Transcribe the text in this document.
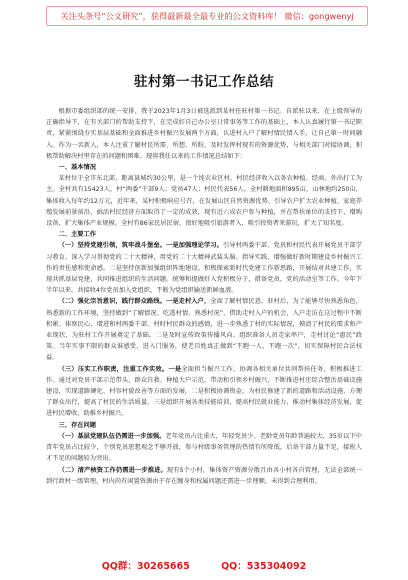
关注头条号“公文研究”，获得最新最全最专业的公文资料库！ 微信：gongwenyj
驻村第一书记工作总结

根据市委组织部的统一安排，我于2023年1月3日被选派到某村任驻村第一书记。自派驻以来，在上级领导的正确指导下，在有关部门的帮助支持下，在完成好自己办公室日常事务等工作的基础上，本人认真履行第一书记职责，紧紧围绕夯实基层基础和全面推进乡村振兴发展两个方面，认进村入户了解村情民情入手，让自己第一时间融入。作为一名新人，本人注重了解村民所需、所想、所盼，及时发挥村现有的资源优势，与相关部门对接协调，积极帮助解决村里存在的问题和困难。现将我任以来的工作情况总结如下：

一、基本情况

某村位于全市东北部，距离县城约30公里，是一个纯农业区村。村民经济收入以务农种植、经商、外出打工为主。全村共有15423人，村“两委”干部9人；党员47人；村民代表56人。全村耕地面积895亩，山林地约250亩，集体收入每年约12万元，近年来，某村积极响应号召，在发展山区自然资源优势、引导农户扩大农业种植、家庭养殖发展前景前沿，搞活村民经济方面取得了一定的成效，现有近六成农户参与种植，并在帮扶单位的支持下，增购设备，扩大集体产业规模。全村有86家民居民宿，很好地吸引旅游者入，吸引投资者来游玩，扩大了知名度。

二、主要工作

（一）坚持党建引领，筑牢战斗堡垒。一是加强理论学习。引导村两委干部、党员和村民代表开展党员干部学习教育。深入学习贯彻党的二十大精神，用党的二十大精神武装头脑、指导实践，增强做好新时期建设乡村振兴工作的责任感和使命感。二是坚持创新加强组织阵地建设。积极探索新时代党建工作新思路，开展结对共建工作，实现共抓基层党建，共同推进组织的生活问题。统筹和提做好入党积极分子，措备党员，党的活动室等工作。今年下半年以来，共接收4位党员加入党组织，不断为党组织输送新鲜血液。

（二）强化宗旨意识，践行群众路线。一是走村入户，全面了解村情民意。驻村后，为了能够尽快熟悉角色，熟悉新的工作环境，坚持做到“了解情况、吃透村情、熟悉村况”，借助走村入户的机会，入户走访在这过程中不断积累、体察民心，增进和村两委干部、村时村民群众的感情，进一步熟悉了村的实际情况，摸清了村民的需求和产业现状，为驻村工作开展奠定了基础。二是及时宣传政策传播风向。组织准备人员走家串户，走村讨论“惠民”政策、当年实事不限的群众谁感受，进入门服务，使老百姓真正做到“不跑一人，不跑一次”，切实保障村民合法权益。

（三）压实工作职责，注重工作实效。一是全面担当振兴工作，协调各相关单位共同帮扶任务，积极推进工作。通过对党员干部示范带头，群众自救、种植大户示范，带动和引领乡村振兴，不断推进村庄综合整治基础设施建设，实现道路硬化、村容村貌改善等方面的发展。二是积极协调资金，为村民修建了新的道路和活动设施，方便了群众出行，提高了村民的生活质量。三是组织开展各类技能培训，提高村民就业能力，推动村集体经济发展，促进村民增收，助推乡村振兴。

三、存在问题

（一）基层党建队伍仍需进一步加强。老年党员占比重大，年轻党员少。老龄党员年龄普遍较大，35岁以下中青年党员占比较少，个别党员思想观念不够开放，参与村级事务管理的热情有所降低，后备干部力量不足，接班人才不足的问题较为突出。

（二）清产核资工作仍需进一步推进。现有5个小村，集体资产资源分散且由各小村各自管理，无法全部统一到行政村一级管理，村内尚有闲置资源由于存在缠身和权属问题还需进一步理顺，未得到合理利用。

QQ群：30265665	QQ：535304092
